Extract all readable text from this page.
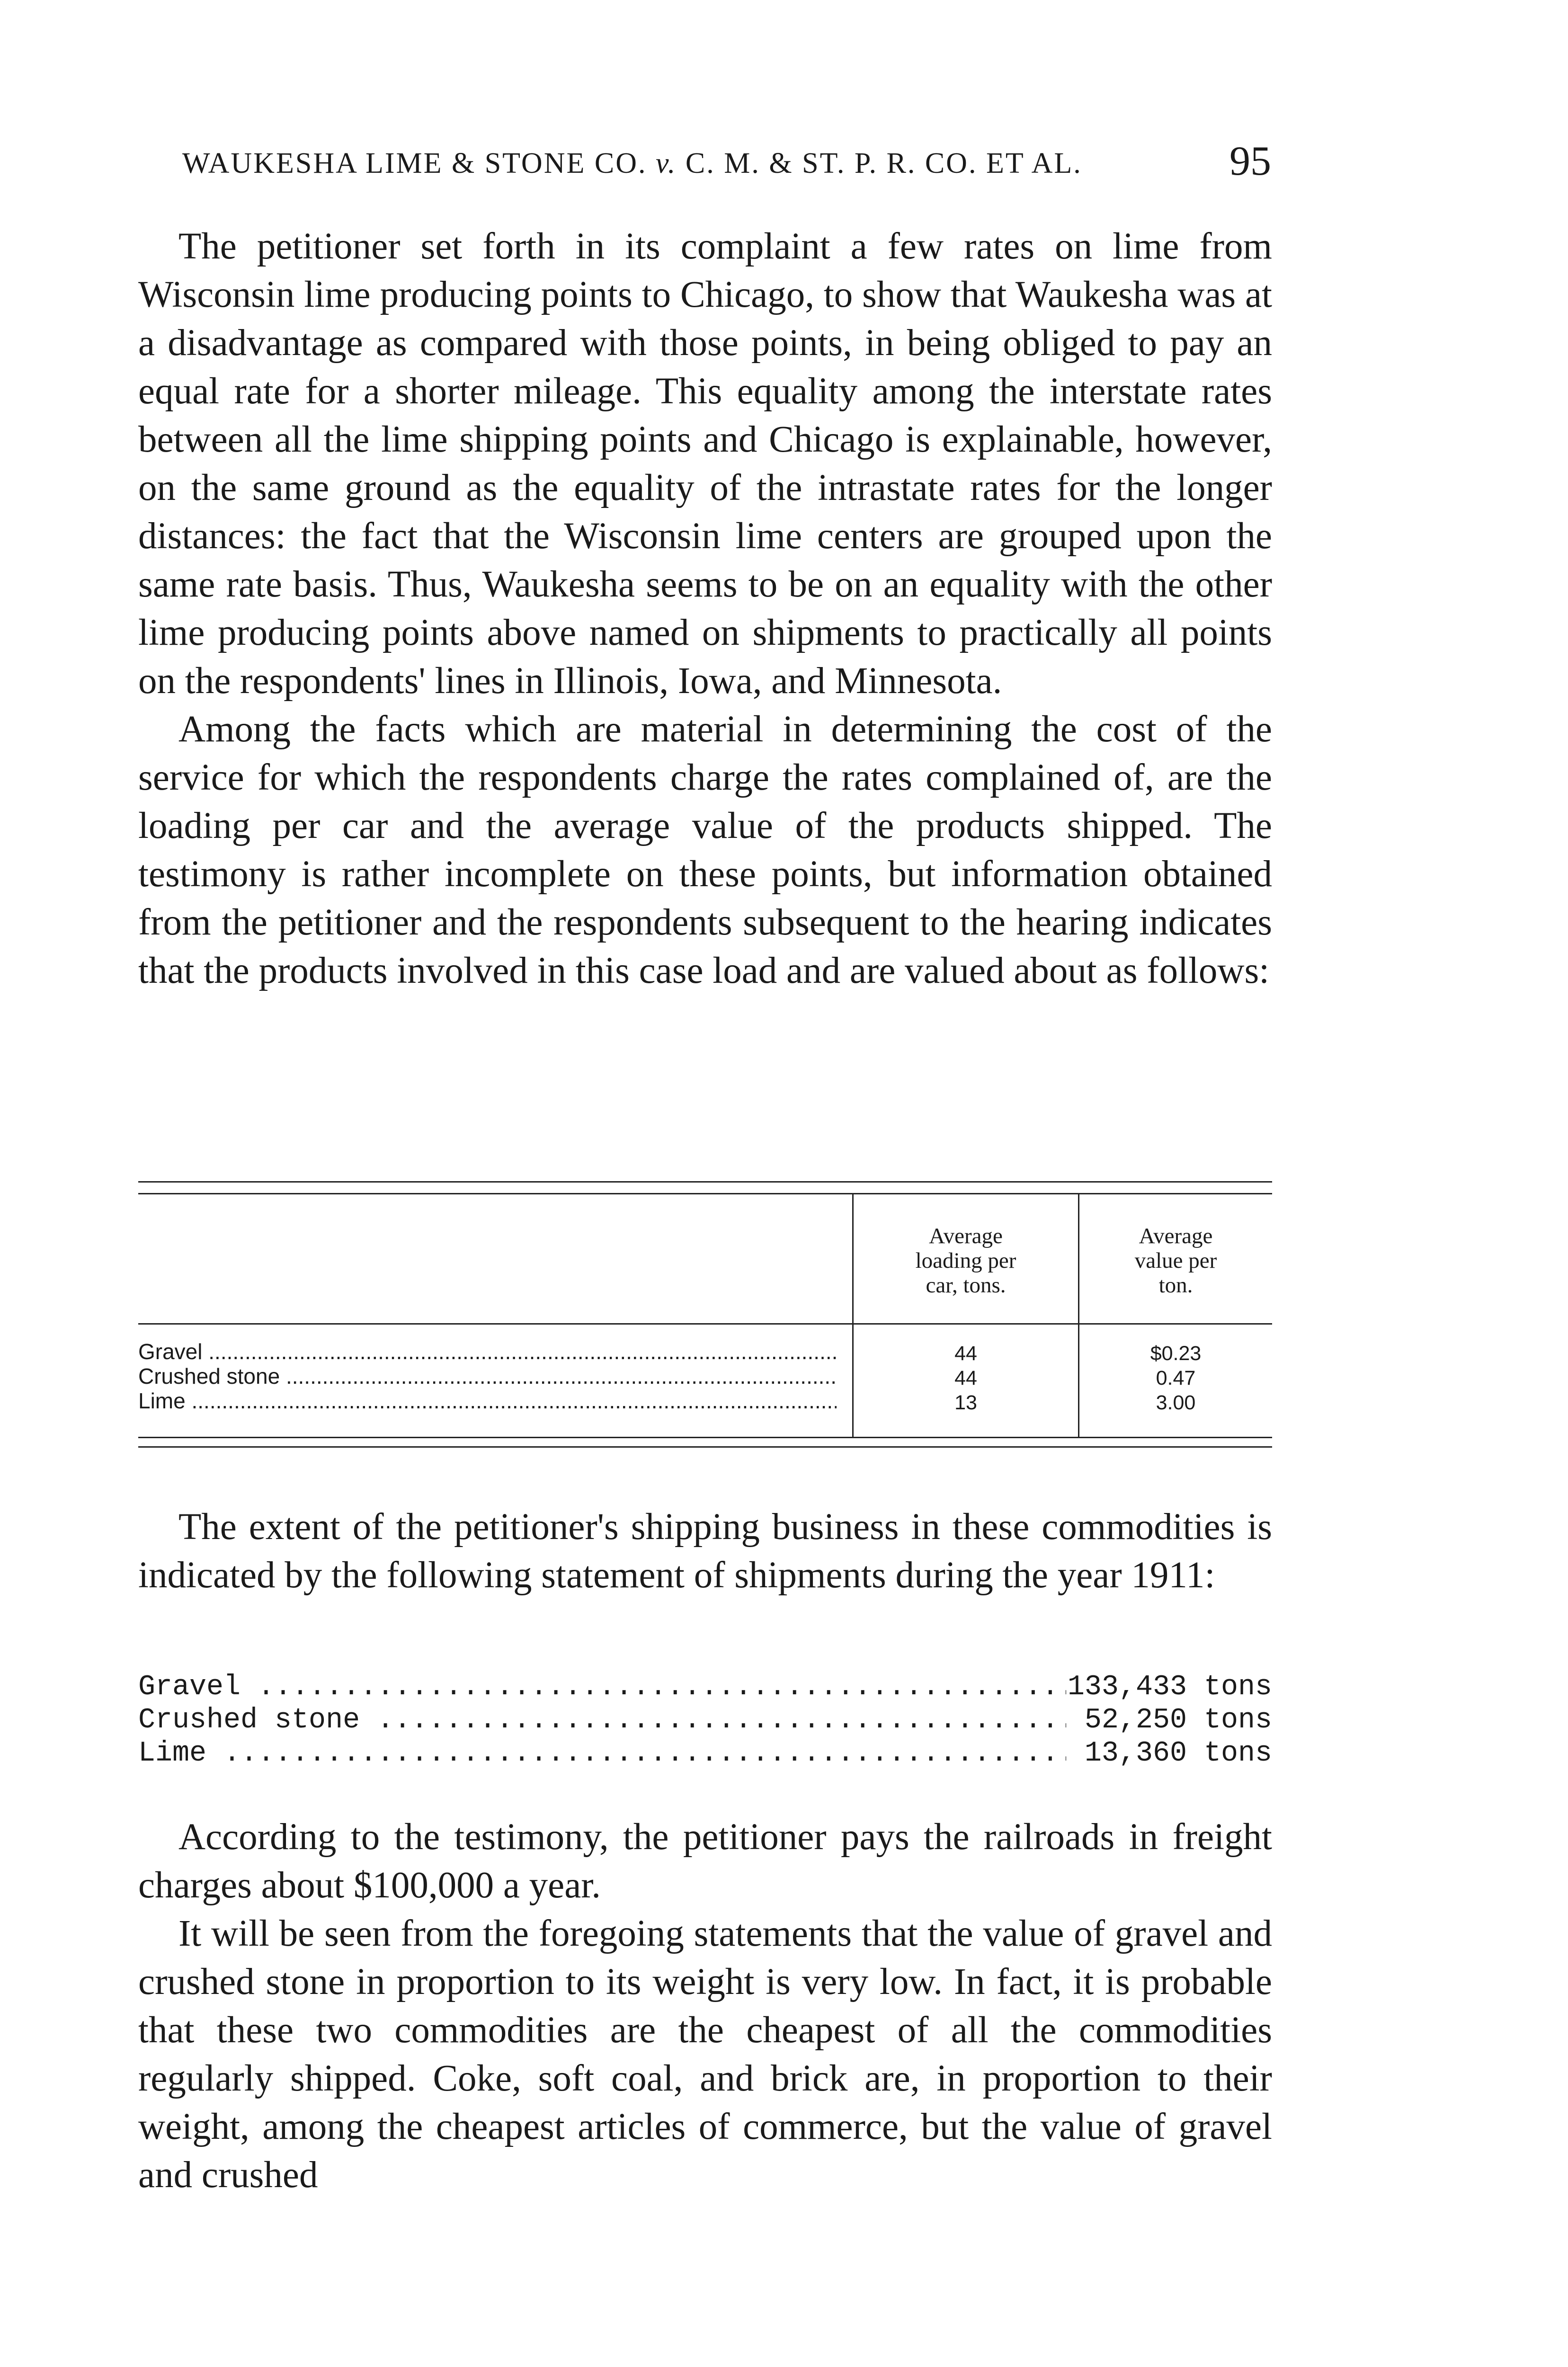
WAUKESHA LIME & STONE CO. v. C. M. & ST. P. R. CO. ET AL.	95

The petitioner set forth in its complaint a few rates on lime from Wisconsin lime producing points to Chicago, to show that Waukesha was at a disadvantage as compared with those points, in being obliged to pay an equal rate for a shorter mileage. This equality among the interstate rates between all the lime shipping points and Chicago is explainable, however, on the same ground as the equality of the intrastate rates for the longer distances: the fact that the Wisconsin lime centers are grouped upon the same rate basis. Thus, Waukesha seems to be on an equality with the other lime producing points above named on shipments to practically all points on the respondents' lines in Illinois, Iowa, and Minnesota.

Among the facts which are material in determining the cost of the service for which the respondents charge the rates complained of, are the loading per car and the average value of the products shipped. The testimony is rather incomplete on these points, but information obtained from the petitioner and the respondents subsequent to the hearing indicates that the products involved in this case load and are valued about as follows:

Average
loading per
car, tons.
Average
value per
ton.
Gravel .....	44	$0.23
Crushed stone .....	44	0.47
Lime .....	13	3.00

The extent of the petitioner's shipping business in these commodities is indicated by the following statement of shipments during the year 1911:

Gravel .....	133,433 tons
Crushed stone .....	52,250 tons
Lime .....	13,360 tons

According to the testimony, the petitioner pays the railroads in freight charges about $100,000 a year.

It will be seen from the foregoing statements that the value of gravel and crushed stone in proportion to its weight is very low. In fact, it is probable that these two commodities are the cheapest of all the commodities regularly shipped. Coke, soft coal, and brick are, in proportion to their weight, among the cheapest articles of commerce, but the value of gravel and crushed
